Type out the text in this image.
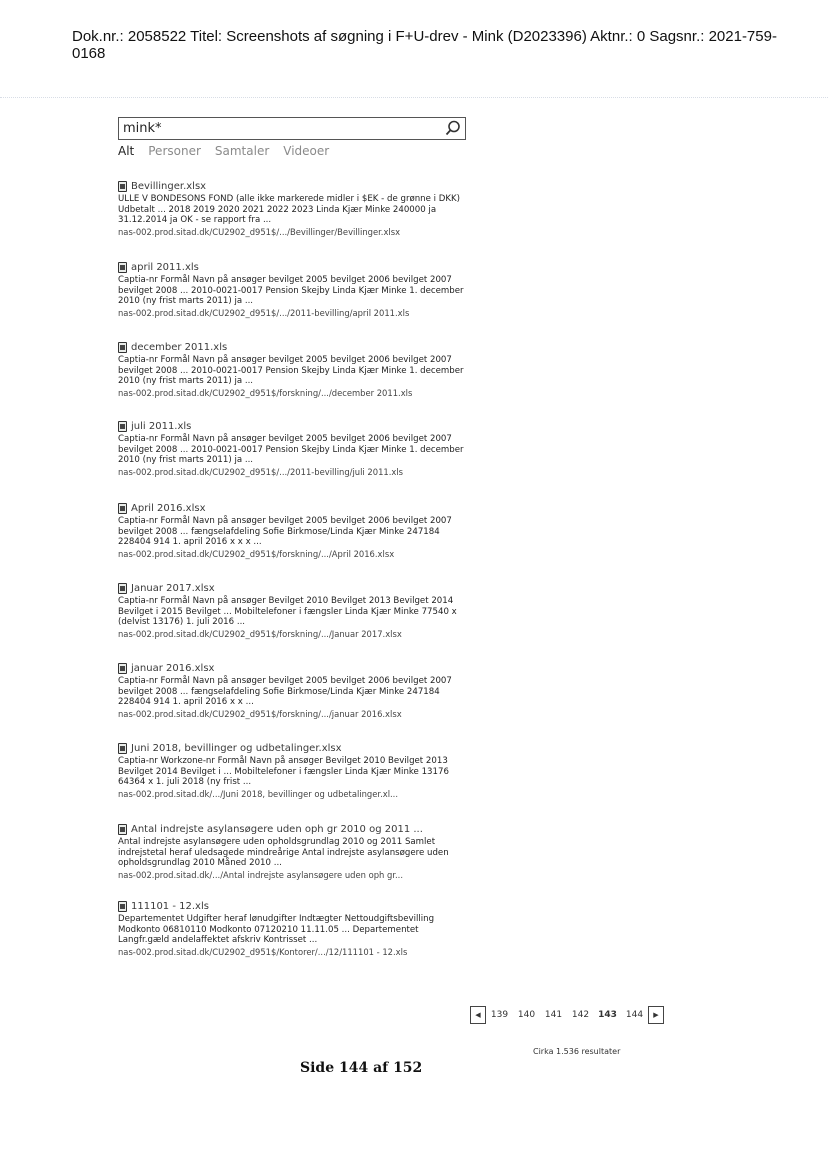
Dok.nr.: 2058522 Titel: Screenshots af søgning i F+U-drev - Mink (D2023396) Aktnr.: 0 Sagsnr.: 2021-759-0168
mink*
Alt Personer Samtaler Videoer
Bevillinger.xlsx
ULLE V BONDESONS FOND (alle ikke markerede midler i $EK - de grønne i DKK) Udbetalt ... 2018 2019 2020 2021 2022 2023 Linda Kjær Minke 240000 ja 31.12.2014 ja OK - se rapport fra ...
nas-002.prod.sitad.dk/CU2902_d951$/.../Bevillinger/Bevillinger.xlsx
april 2011.xls
Captia-nr Formål Navn på ansøger bevilget 2005 bevilget 2006 bevilget 2007 bevilget 2008 ... 2010-0021-0017 Pension Skejby Linda Kjær Minke 1. december 2010 (ny frist marts 2011) ja ...
nas-002.prod.sitad.dk/CU2902_d951$/.../2011-bevilling/april 2011.xls
december 2011.xls
Captia-nr Formål Navn på ansøger bevilget 2005 bevilget 2006 bevilget 2007 bevilget 2008 ... 2010-0021-0017 Pension Skejby Linda Kjær Minke 1. december 2010 (ny frist marts 2011) ja ...
nas-002.prod.sitad.dk/CU2902_d951$/forskning/.../december 2011.xls
juli 2011.xls
Captia-nr Formål Navn på ansøger bevilget 2005 bevilget 2006 bevilget 2007 bevilget 2008 ... 2010-0021-0017 Pension Skejby Linda Kjær Minke 1. december 2010 (ny frist marts 2011) ja ...
nas-002.prod.sitad.dk/CU2902_d951$/.../2011-bevilling/juli 2011.xls
April 2016.xlsx
Captia-nr Formål Navn på ansøger bevilget 2005 bevilget 2006 bevilget 2007 bevilget 2008 ... fængselafdeling Sofie Birkmose/Linda Kjær Minke 247184 228404 914 1. april 2016 x x x ...
nas-002.prod.sitad.dk/CU2902_d951$/forskning/.../April 2016.xlsx
Januar 2017.xlsx
Captia-nr Formål Navn på ansøger Bevilget 2010 Bevilget 2013 Bevilget 2014 Bevilget i 2015 Bevilget ... Mobiltelefoner i fængsler Linda Kjær Minke 77540 x (delvist 13176) 1. juli 2016 ...
nas-002.prod.sitad.dk/CU2902_d951$/forskning/.../Januar 2017.xlsx
januar 2016.xlsx
Captia-nr Formål Navn på ansøger bevilget 2005 bevilget 2006 bevilget 2007 bevilget 2008 ... fængselafdeling Sofie Birkmose/Linda Kjær Minke 247184 228404 914 1. april 2016 x x ...
nas-002.prod.sitad.dk/CU2902_d951$/forskning/.../januar 2016.xlsx
Juni 2018, bevillinger og udbetalinger.xlsx
Captia-nr Workzone-nr Formål Navn på ansøger Bevilget 2010 Bevilget 2013 Bevilget 2014 Bevilget i ... Mobiltelefoner i fængsler Linda Kjær Minke 13176 64364 x 1. juli 2018 (ny frist ...
nas-002.prod.sitad.dk/.../Juni 2018, bevillinger og udbetalinger.xl...
Antal indrejste asylansøgere uden oph gr 2010 og 2011 ...
Antal indrejste asylansøgere uden opholdsgrundlag 2010 og 2011 Samlet indrejstetal heraf uledsagede mindreårige Antal indrejste asylansøgere uden opholdsgrundlag 2010 Måned 2010 ...
nas-002.prod.sitad.dk/.../Antal indrejste asylansøgere uden oph gr...
111101 - 12.xls
Departementet Udgifter heraf lønudgifter Indtægter Nettoudgiftsbevilling Modkonto 06810110 Modkonto 07120210 11.11.05 ... Departementet Langfr.gæld andelaffektet afskriv Kontrisset ...
nas-002.prod.sitad.dk/CU2902_d951$/Kontorer/.../12/111101 - 12.xls
◀	139	140	141	142	143	144	▶
Cirka 1.536 resultater
Side 144 af 152
